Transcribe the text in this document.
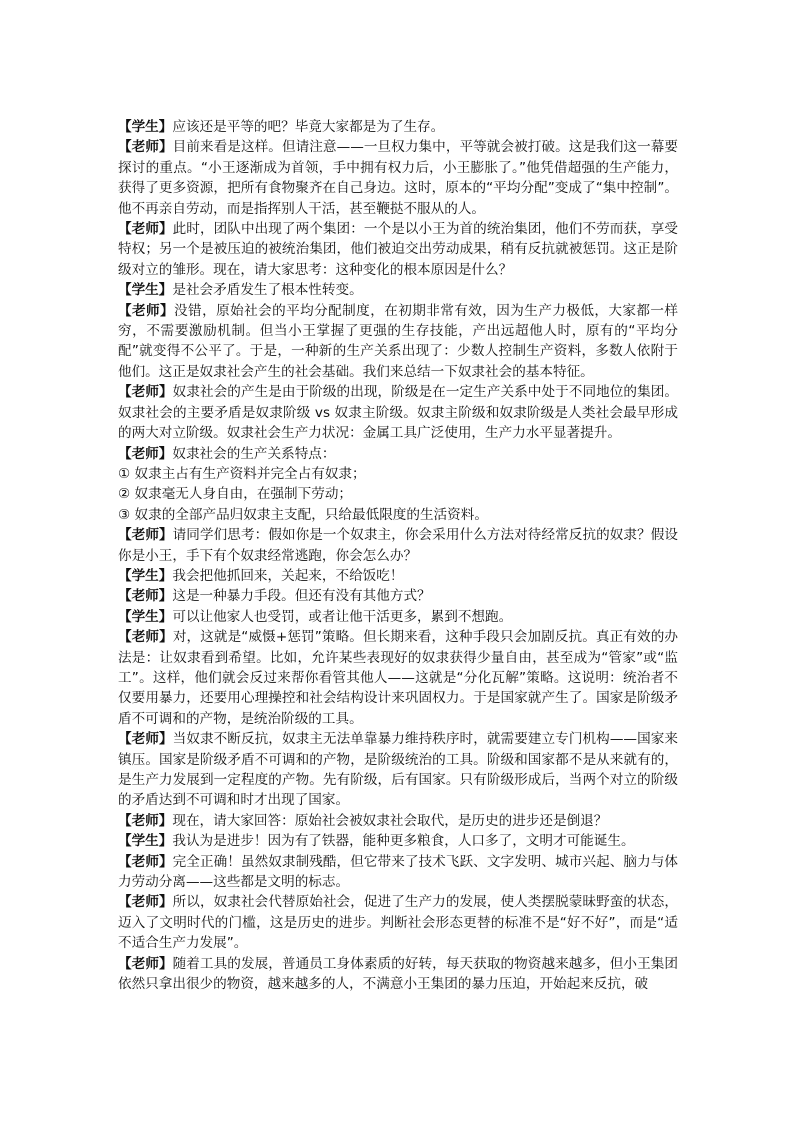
【学生】应该还是平等的吧？毕竟大家都是为了生存。

【老师】目前来看是这样。但请注意——一旦权力集中，平等就会被打破。这是我们这一幕要探讨的重点。“小王逐渐成为首领，手中拥有权力后，小王膨胀了。”他凭借超强的生产能力，获得了更多资源，把所有食物聚齐在自己身边。这时，原本的“平均分配”变成了“集中控制”。他不再亲自劳动，而是指挥别人干活，甚至鞭挞不服从的人。

【老师】此时，团队中出现了两个集团：一个是以小王为首的统治集团，他们不劳而获，享受特权；另一个是被压迫的被统治集团，他们被迫交出劳动成果，稍有反抗就被惩罚。这正是阶级对立的雏形。现在，请大家思考：这种变化的根本原因是什么？

【学生】是社会矛盾发生了根本性转变。

【老师】没错，原始社会的平均分配制度，在初期非常有效，因为生产力极低，大家都一样穷，不需要激励机制。但当小王掌握了更强的生存技能，产出远超他人时，原有的“平均分配”就变得不公平了。于是，一种新的生产关系出现了：少数人控制生产资料，多数人依附于他们。这正是奴隶社会产生的社会基础。我们来总结一下奴隶社会的基本特征。

【老师】奴隶社会的产生是由于阶级的出现，阶级是在一定生产关系中处于不同地位的集团。奴隶社会的主要矛盾是奴隶阶级 vs 奴隶主阶级。奴隶主阶级和奴隶阶级是人类社会最早形成的两大对立阶级。奴隶社会生产力状况：金属工具广泛使用，生产力水平显著提升。

【老师】奴隶社会的生产关系特点：

① 奴隶主占有生产资料并完全占有奴隶；

② 奴隶毫无人身自由，在强制下劳动；

③ 奴隶的全部产品归奴隶主支配，只给最低限度的生活资料。

【老师】请同学们思考：假如你是一个奴隶主，你会采用什么方法对待经常反抗的奴隶？假设你是小王，手下有个奴隶经常逃跑，你会怎么办？

【学生】我会把他抓回来，关起来，不给饭吃！

【老师】这是一种暴力手段。但还有没有其他方式？

【学生】可以让他家人也受罚，或者让他干活更多，累到不想跑。

【老师】对，这就是“威慑+惩罚”策略。但长期来看，这种手段只会加剧反抗。真正有效的办法是：让奴隶看到希望。比如，允许某些表现好的奴隶获得少量自由，甚至成为“管家”或“监工”。这样，他们就会反过来帮你看管其他人——这就是“分化瓦解”策略。这说明：统治者不仅要用暴力，还要用心理操控和社会结构设计来巩固权力。于是国家就产生了。国家是阶级矛盾不可调和的产物，是统治阶级的工具。

【老师】当奴隶不断反抗，奴隶主无法单靠暴力维持秩序时，就需要建立专门机构——国家来镇压。国家是阶级矛盾不可调和的产物，是阶级统治的工具。阶级和国家都不是从来就有的，是生产力发展到一定程度的产物。先有阶级，后有国家。只有阶级形成后，当两个对立的阶级的矛盾达到不可调和时才出现了国家。

【老师】现在，请大家回答：原始社会被奴隶社会取代，是历史的进步还是倒退？

【学生】我认为是进步！因为有了铁器，能种更多粮食，人口多了，文明才可能诞生。

【老师】完全正确！虽然奴隶制残酷，但它带来了技术飞跃、文字发明、城市兴起、脑力与体力劳动分离——这些都是文明的标志。

【老师】所以，奴隶社会代替原始社会，促进了生产力的发展，使人类摆脱蒙昧野蛮的状态，迈入了文明时代的门槛，这是历史的进步。判断社会形态更替的标准不是“好不好”，而是“适不适合生产力发展”。

【老师】随着工具的发展，普通员工身体素质的好转，每天获取的物资越来越多，但小王集团依然只拿出很少的物资，越来越多的人，不满意小王集团的暴力压迫，开始起来反抗，破
